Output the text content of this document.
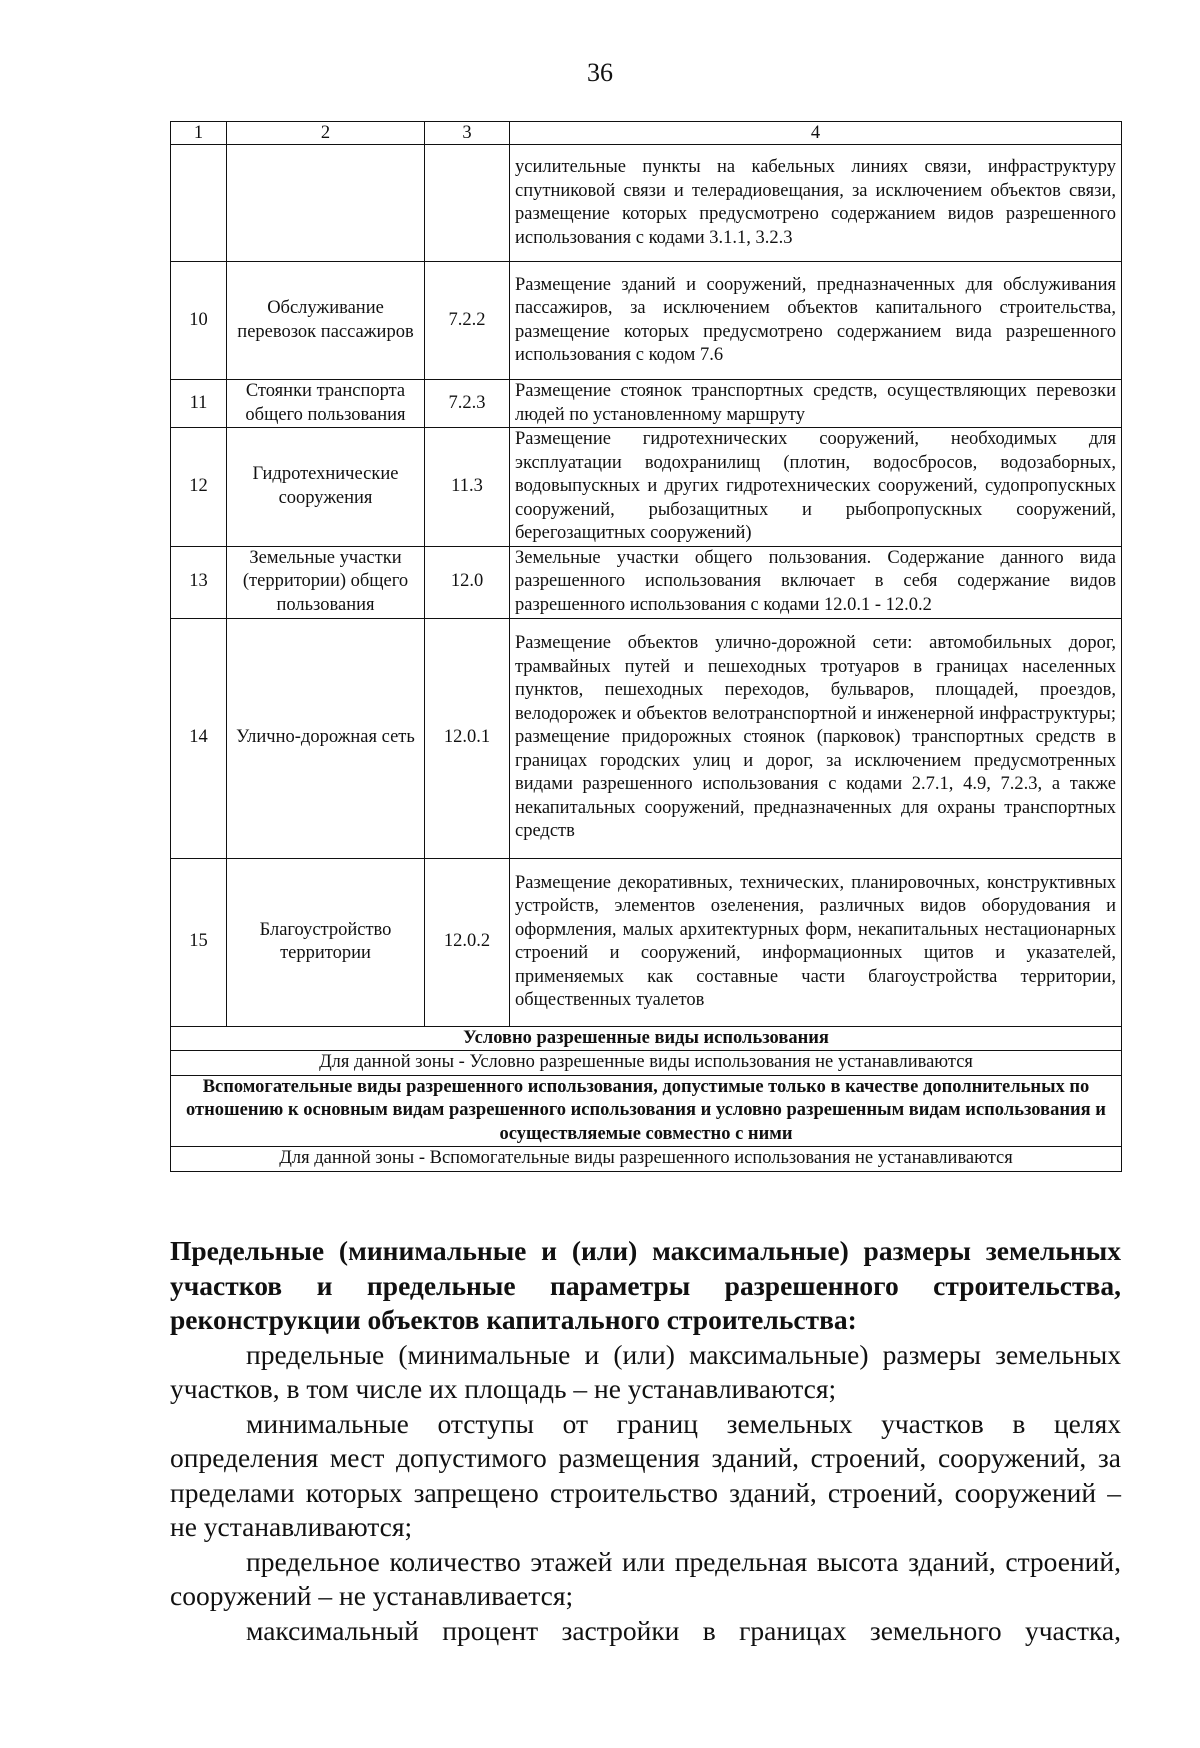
36
1	2	3	4
			усилительные пункты на кабельных линиях связи, инфраструктуру спутниковой связи и телерадиовещания, за исключением объектов связи, размещение которых предусмотрено содержанием видов разрешенного использования с кодами 3.1.1, 3.2.3
10	Обслуживание перевозок пассажиров	7.2.2	Размещение зданий и сооружений, предназначенных для обслуживания пассажиров, за исключением объектов капитального строительства, размещение которых предусмотрено содержанием вида разрешенного использования с кодом 7.6
11	Стоянки транспорта общего пользования	7.2.3	Размещение стоянок транспортных средств, осуществляющих перевозки людей по установленному маршруту
12	Гидротехнические сооружения	11.3	Размещение гидротехнических сооружений, необходимых для эксплуатации водохранилищ (плотин, водосбросов, водозаборных, водовыпускных и других гидротехнических сооружений, судопропускных сооружений, рыбозащитных и рыбопропускных сооружений, берегозащитных сооружений)
13	Земельные участки (территории) общего пользования	12.0	Земельные участки общего пользования. Содержание данного вида разрешенного использования включает в себя содержание видов разрешенного использования с кодами 12.0.1 - 12.0.2
14	Улично-дорожная сеть	12.0.1	Размещение объектов улично-дорожной сети: автомобильных дорог, трамвайных путей и пешеходных тротуаров в границах населенных пунктов, пешеходных переходов, бульваров, площадей, проездов, велодорожек и объектов велотранспортной и инженерной инфраструктуры; размещение придорожных стоянок (парковок) транспортных средств в границах городских улиц и дорог, за исключением предусмотренных видами разрешенного использования с кодами 2.7.1, 4.9, 7.2.3, а также некапитальных сооружений, предназначенных для охраны транспортных средств
15	Благоустройство территории	12.0.2	Размещение декоративных, технических, планировочных, конструктивных устройств, элементов озеленения, различных видов оборудования и оформления, малых архитектурных форм, некапитальных нестационарных строений и сооружений, информационных щитов и указателей, применяемых как составные части благоустройства территории, общественных туалетов
Условно разрешенные виды использования			
Для данной зоны - Условно разрешенные виды использования не устанавливаются			
Вспомогательные виды разрешенного использования, допустимые только в качестве дополнительных по отношению к основным видам разрешенного использования и условно разрешенным видам использования и осуществляемые совместно с ними			
Для данной зоны - Вспомогательные виды разрешенного использования не устанавливаются			

Предельные (минимальные и (или) максимальные) размеры земельных участков и предельные параметры разрешенного строительства, реконструкции объектов капитального строительства:

предельные (минимальные и (или) максимальные) размеры земельных участков, в том числе их площадь – не устанавливаются;

минимальные отступы от границ земельных участков в целях определения мест допустимого размещения зданий, строений, сооружений, за пределами которых запрещено строительство зданий, строений, сооружений – не устанавливаются;

предельное количество этажей или предельная высота зданий, строений, сооружений – не устанавливается;

максимальный процент застройки в границах земельного участка,
